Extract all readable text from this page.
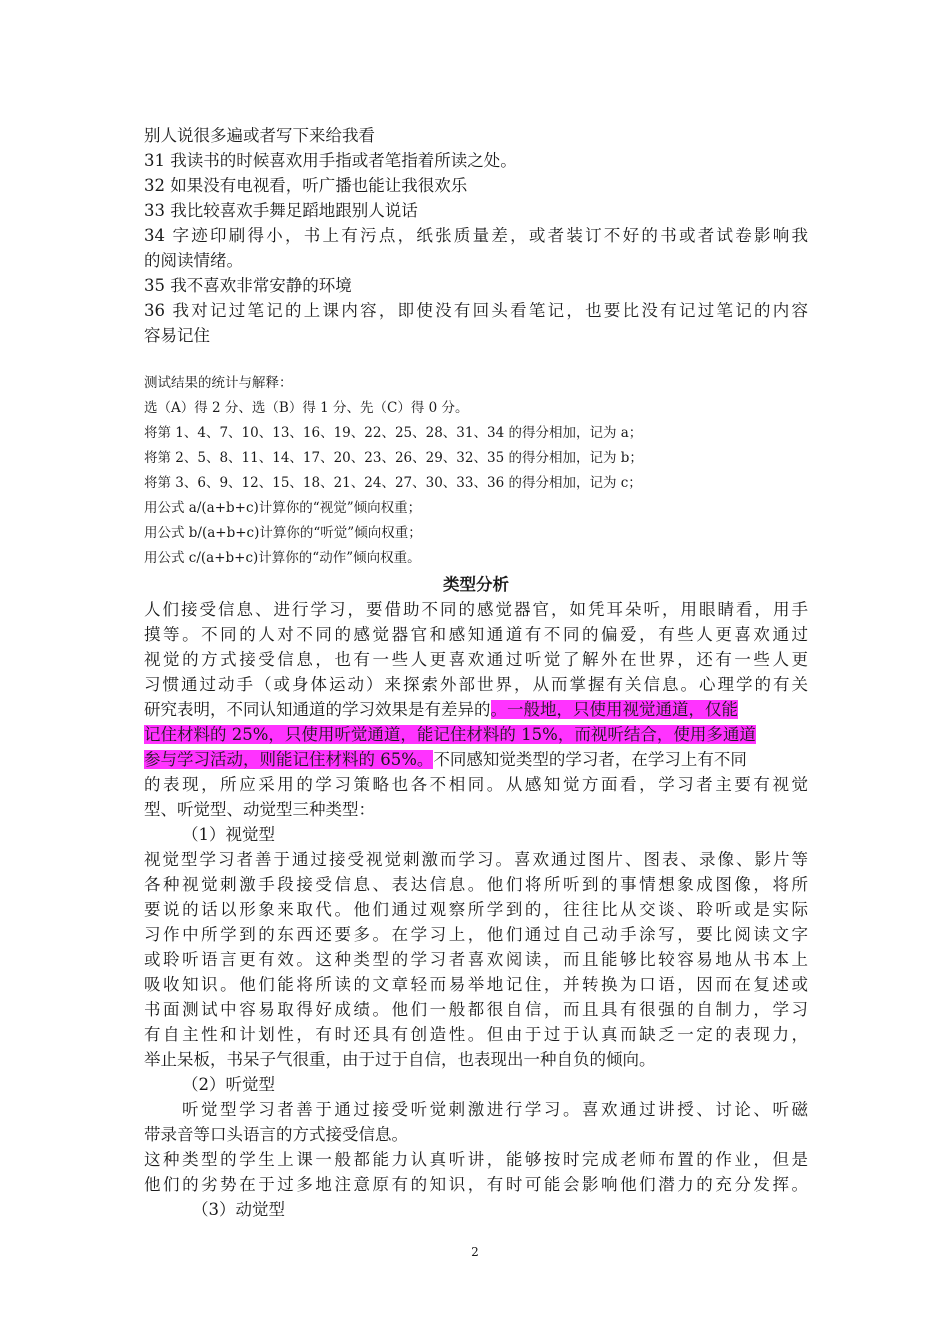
别人说很多遍或者写下来给我看
31 我读书的时候喜欢用手指或者笔指着所读之处。
32 如果没有电视看，听广播也能让我很欢乐
33 我比较喜欢手舞足蹈地跟别人说话
34 字迹印刷得小，书上有污点，纸张质量差，或者装订不好的书或者试卷影响我
的阅读情绪。
35 我不喜欢非常安静的环境
36 我对记过笔记的上课内容，即使没有回头看笔记，也要比没有记过笔记的内容
容易记住
测试结果的统计与解释：
选（A）得 2 分、选（B）得 1 分、先（C）得 0 分。
将第 1、4、7、10、13、16、19、22、25、28、31、34 的得分相加，记为 a；
将第 2、5、8、11、14、17、20、23、26、29、32、35 的得分相加，记为 b；
将第 3、6、9、12、15、18、21、24、27、30、33、36 的得分相加，记为 c；
用公式 a/(a+b+c)计算你的“视觉”倾向权重；
用公式 b/(a+b+c)计算你的“听觉”倾向权重；
用公式 c/(a+b+c)计算你的“动作”倾向权重。
类型分析
人们接受信息、进行学习，要借助不同的感觉器官，如凭耳朵听，用眼睛看，用手
摸等。不同的人对不同的感觉器官和感知通道有不同的偏爱，有些人更喜欢通过
视觉的方式接受信息，也有一些人更喜欢通过听觉了解外在世界，还有一些人更
习惯通过动手（或身体运动）来探索外部世界，从而掌握有关信息。心理学的有关
研究表明，不同认知通道的学习效果是有差异的。一般地，只使用视觉通道，仅能
记住材料的 25%，只使用听觉通道，能记住材料的 15%，而视听结合，使用多通道
参与学习活动，则能记住材料的 65%。不同感知觉类型的学习者，在学习上有不同
的表现，所应采用的学习策略也各不相同。从感知觉方面看，学习者主要有视觉
型、听觉型、动觉型三种类型：
（1）视觉型
视觉型学习者善于通过接受视觉刺激而学习。喜欢通过图片、图表、录像、影片等
各种视觉刺激手段接受信息、表达信息。他们将所听到的事情想象成图像，将所
要说的话以形象来取代。他们通过观察所学到的，往往比从交谈、聆听或是实际
习作中所学到的东西还要多。在学习上，他们通过自己动手涂写，要比阅读文字
或聆听语言更有效。这种类型的学习者喜欢阅读，而且能够比较容易地从书本上
吸收知识。他们能将所读的文章轻而易举地记住，并转换为口语，因而在复述或
书面测试中容易取得好成绩。他们一般都很自信，而且具有很强的自制力，学习
有自主性和计划性，有时还具有创造性。但由于过于认真而缺乏一定的表现力，
举止呆板，书呆子气很重，由于过于自信，也表现出一种自负的倾向。
（2）听觉型
听觉型学习者善于通过接受听觉刺激进行学习。喜欢通过讲授、讨论、听磁
带录音等口头语言的方式接受信息。
这种类型的学生上课一般都能力认真听讲，能够按时完成老师布置的作业，但是
他们的劣势在于过多地注意原有的知识，有时可能会影响他们潜力的充分发挥。
（3）动觉型
2
